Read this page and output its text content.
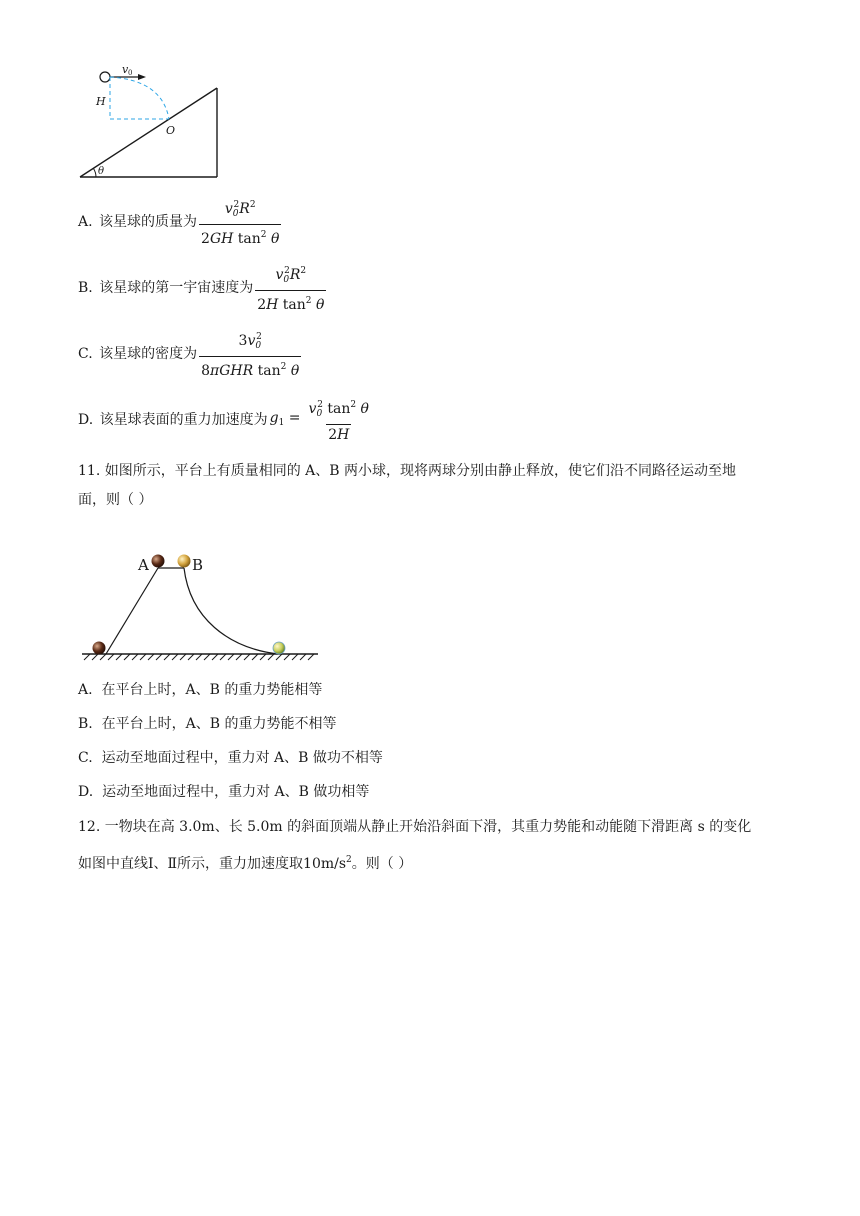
v 0
H
O
θ
A.
该星球的质量为 $\frac{v_0^2R^2}{2GH \tan^2 \theta}$
B.
该星球的第一宇宙速度为 $\frac{v_0^2R^2}{2H \tan^2 \theta}$
C.
该星球的密度为 $\frac{3v_0^2}{8\pi GHR \tan^2 \theta}$
D.
该星球表面的重力加速度为 $g_1 = \frac{v_0^2 \tan^2 \theta}{2H}$
11. 如图所示，平台上有质量相同的 A、B 两小球，现将两球分别由静止释放，使它们沿不同路径运动至地
面，则（ ）
A	B
A. 在平台上时，A、B 的重力势能相等
B. 在平台上时，A、B 的重力势能不相等
C. 运动至地面过程中，重力对 A、B 做功不相等
D. 运动至地面过程中，重力对 A、B 做功相等
12. 一物块在高 3.0m、长 5.0m 的斜面顶端从静止开始沿斜面下滑，其重力势能和动能随下滑距离 s 的变化
如图中直线Ⅰ、Ⅱ所示，重力加速度取$10m/s^2$。则（ ）
